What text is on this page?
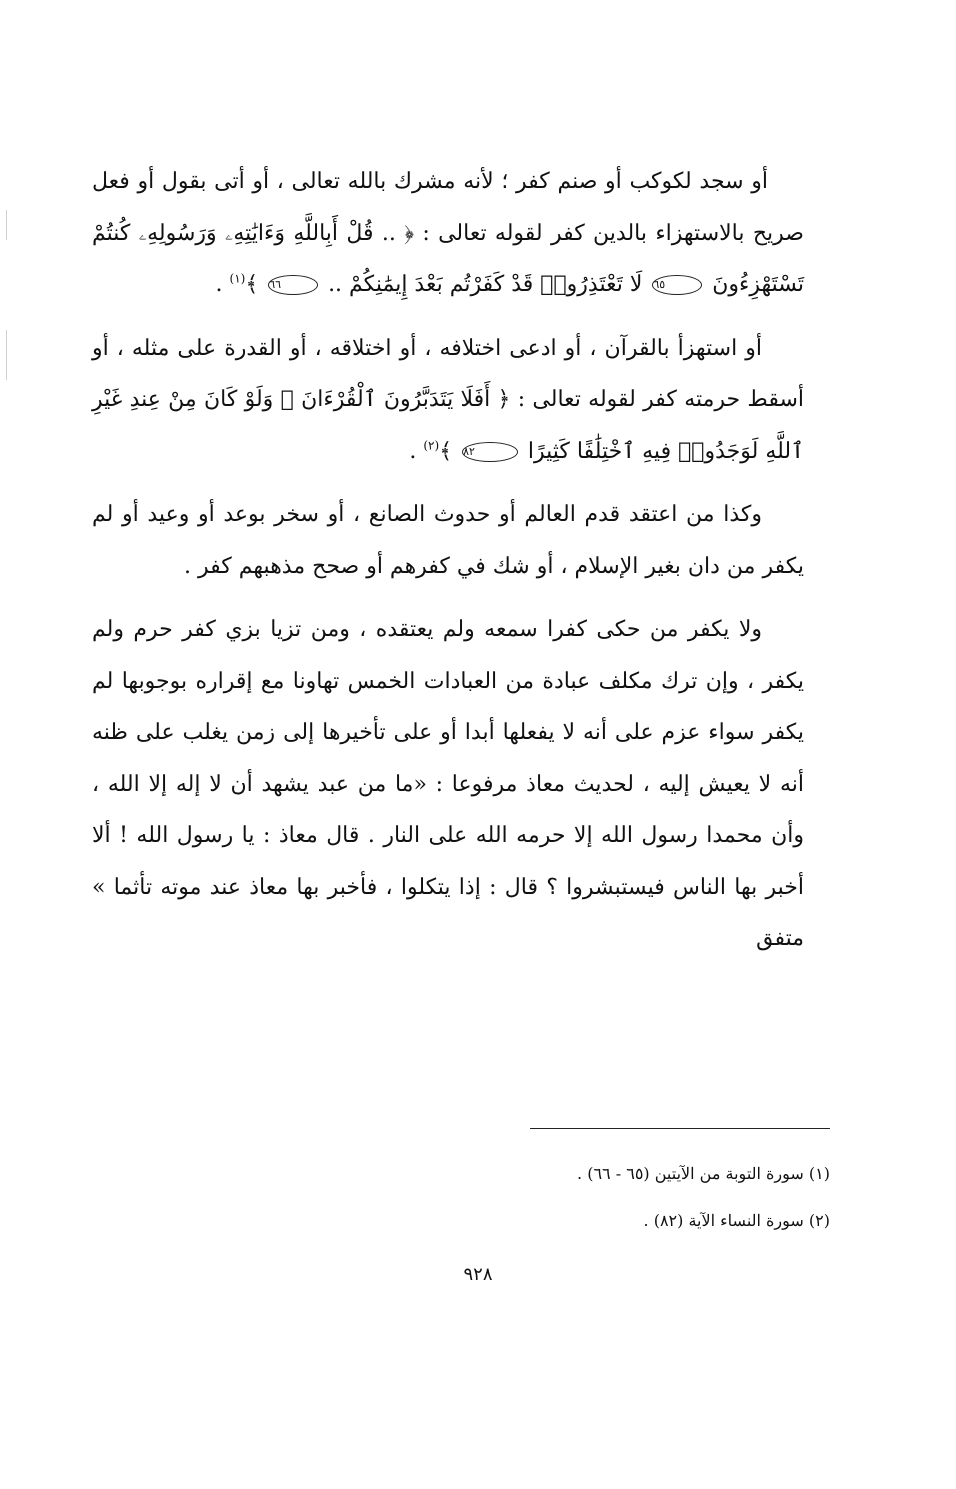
أو سجد لكوكب أو صنم كفر ؛ لأنه مشرك بالله تعالى ، أو أتى بقول أو فعل صريح بالاستهزاء بالدين كفر لقوله تعالى : ﴿ .. قُلْ أَبِاللَّهِ وَءَايَٰتِهِۦ وَرَسُولِهِۦ كُنتُمْ تَسْتَهْزِءُونَ ٦٥ لَا تَعْتَذِرُوا۟ قَدْ كَفَرْتُم بَعْدَ إِيمَٰنِكُمْ .. ٦٦ ﴾$^{(١)}$ .

أو استهزأ بالقرآن ، أو ادعى اختلافه ، أو اختلاقه ، أو القدرة على مثله ، أو أسقط حرمته كفر لقوله تعالى : ﴿ أَفَلَا يَتَدَبَّرُونَ ٱلْقُرْءَانَ ۚ وَلَوْ كَانَ مِنْ عِندِ غَيْرِ ٱللَّهِ لَوَجَدُوا۟ فِيهِ ٱخْتِلَٰفًا كَثِيرًا ٨٢ ﴾$^{(٢)}$ .

وكذا من اعتقد قدم العالم أو حدوث الصانع ، أو سخر بوعد أو وعيد أو لم يكفر من دان بغير الإسلام ، أو شك في كفرهم أو صحح مذهبهم كفر .

ولا يكفر من حكى كفرا سمعه ولم يعتقده ، ومن تزيا بزي كفر حرم ولم يكفر ، وإن ترك مكلف عبادة من العبادات الخمس تهاونا مع إقراره بوجوبها لم يكفر سواء عزم على أنه لا يفعلها أبدا أو على تأخيرها إلى زمن يغلب على ظنه أنه لا يعيش إليه ، لحديث معاذ مرفوعا : «ما من عبد يشهد أن لا إله إلا الله ، وأن محمدا رسول الله إلا حرمه الله على النار . قال معاذ : يا رسول الله ! ألا أخبر بها الناس فيستبشروا ؟ قال : إذا يتكلوا ، فأخبر بها معاذ عند موته تأثما » متفق

(١) سورة التوبة من الآيتين (٦٥ - ٦٦) .

(٢) سورة النساء الآية (٨٢) .

٩٢٨
